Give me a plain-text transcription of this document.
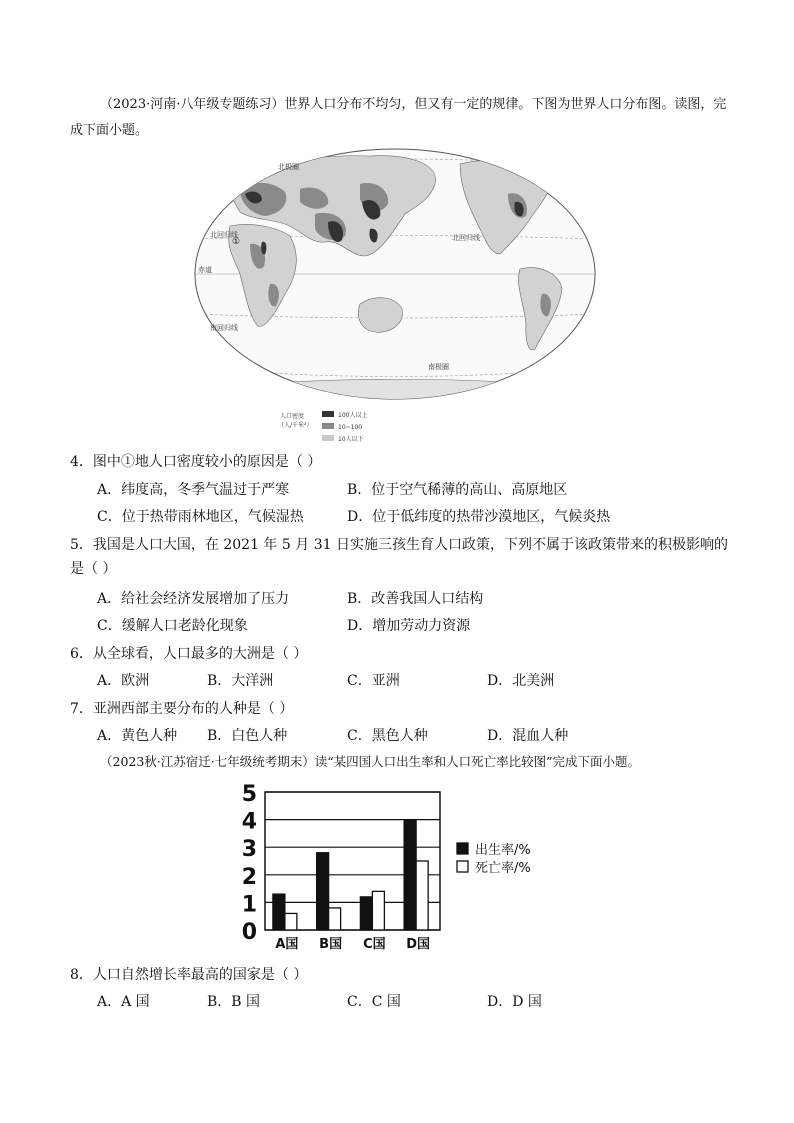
（2023·河南·八年级专题练习）世界人口分布不均匀，但又有一定的规律。下图为世界人口分布图。读图，完成下面小题。
北极圈
北回归线	北回归线
赤道
南回归线
南极圈
①
人口密度
（人/千米²）
100人以上
10~100
10人以下
4．图中①地人口密度较小的原因是（ ）
A．纬度高，冬季气温过于严寒	B．位于空气稀薄的高山、高原地区
C．位于热带雨林地区，气候湿热	D．位于低纬度的热带沙漠地区，气候炎热
5．我国是人口大国，在 2021 年 5 月 31 日实施三孩生育人口政策，下列不属于该政策带来的积极影响的是（ ）
A．给社会经济发展增加了压力	B．改善我国人口结构
C．缓解人口老龄化现象	D．增加劳动力资源
6．从全球看，人口最多的大洲是（ ）
A．欧洲	B．大洋洲	C．亚洲	D．北美洲
7．亚洲西部主要分布的人种是（ ）
A．黄色人种 B．白色人种	C．黑色人种	D．混血人种
（2023秋·江苏宿迁·七年级统考期末）读“某四国人口出生率和人口死亡率比较图”完成下面小题。
0
1
2
3
4
5
A国 B国 C国 D国
出生率/%
死亡率/%
8．人口自然增长率最高的国家是（ ）
A．A 国	B．B 国	C．C 国	D．D 国
